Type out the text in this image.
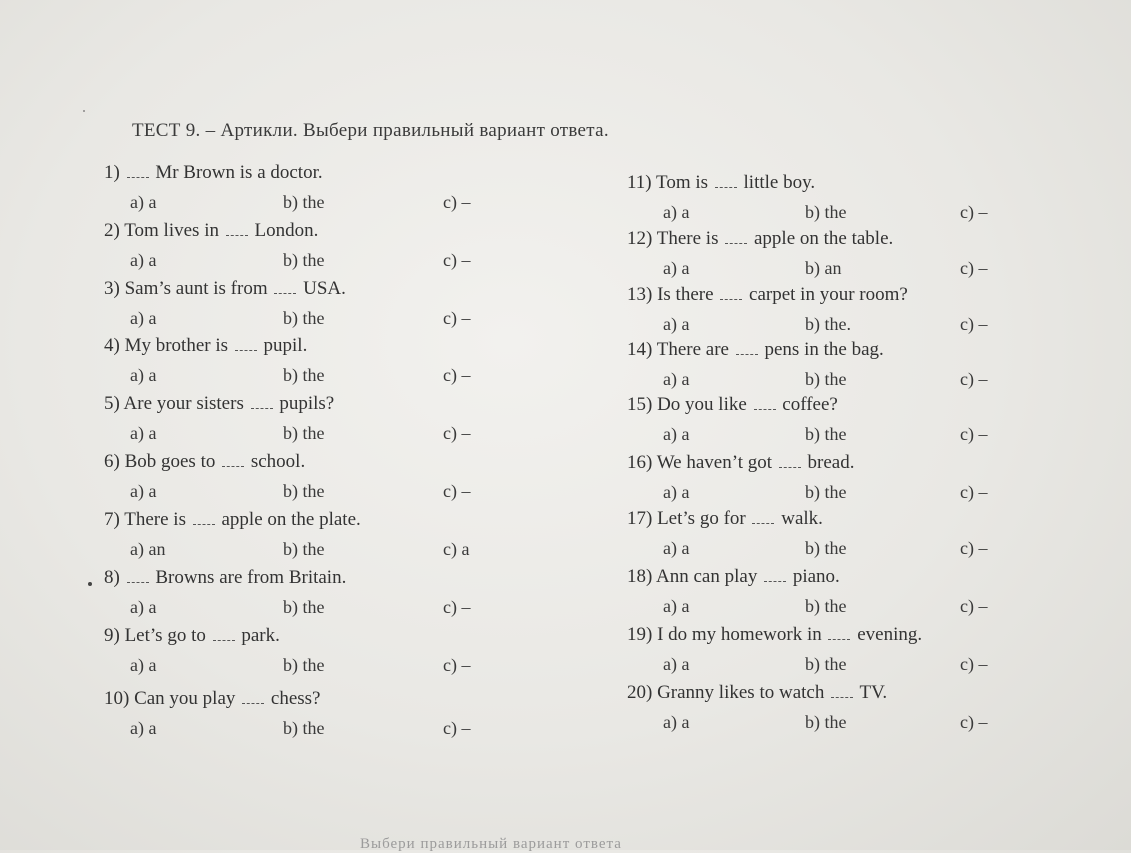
ТЕСТ 9. – Артикли. Выбери правильный вариант ответа.
1) Mr Brown is a doctor.
a) a	b) the	c) –
2) Tom lives in London.
a) a	b) the	c) –
3) Sam’s aunt is from USA.
a) a	b) the	c) –
4) My brother is pupil.
a) a	b) the	c) –
5) Are your sisters pupils?
a) a	b) the	c) –
6) Bob goes to school.
a) a	b) the	c) –
7) There is apple on the plate.
a) an	b) the	c) a
8) Browns are from Britain.
a) a	b) the	c) –
9) Let’s go to park.
a) a	b) the	c) –
10) Can you play chess?
a) a	b) the	c) –
11) Tom is little boy.
a) a	b) the	c) –
12) There is apple on the table.
a) a	b) an	c) –
13) Is there carpet in your room?
a) a	b) the.	c) –
14) There are pens in the bag.
a) a	b) the	c) –
15) Do you like coffee?
a) a	b) the	c) –
16) We haven’t got bread.
a) a	b) the	c) –
17) Let’s go for walk.
a) a	b) the	c) –
18) Ann can play piano.
a) a	b) the	c) –
19) I do my homework in evening.
a) a	b) the	c) –
20) Granny likes to watch TV.
a) a	b) the	c) –
Выбери правильный вариант ответа
